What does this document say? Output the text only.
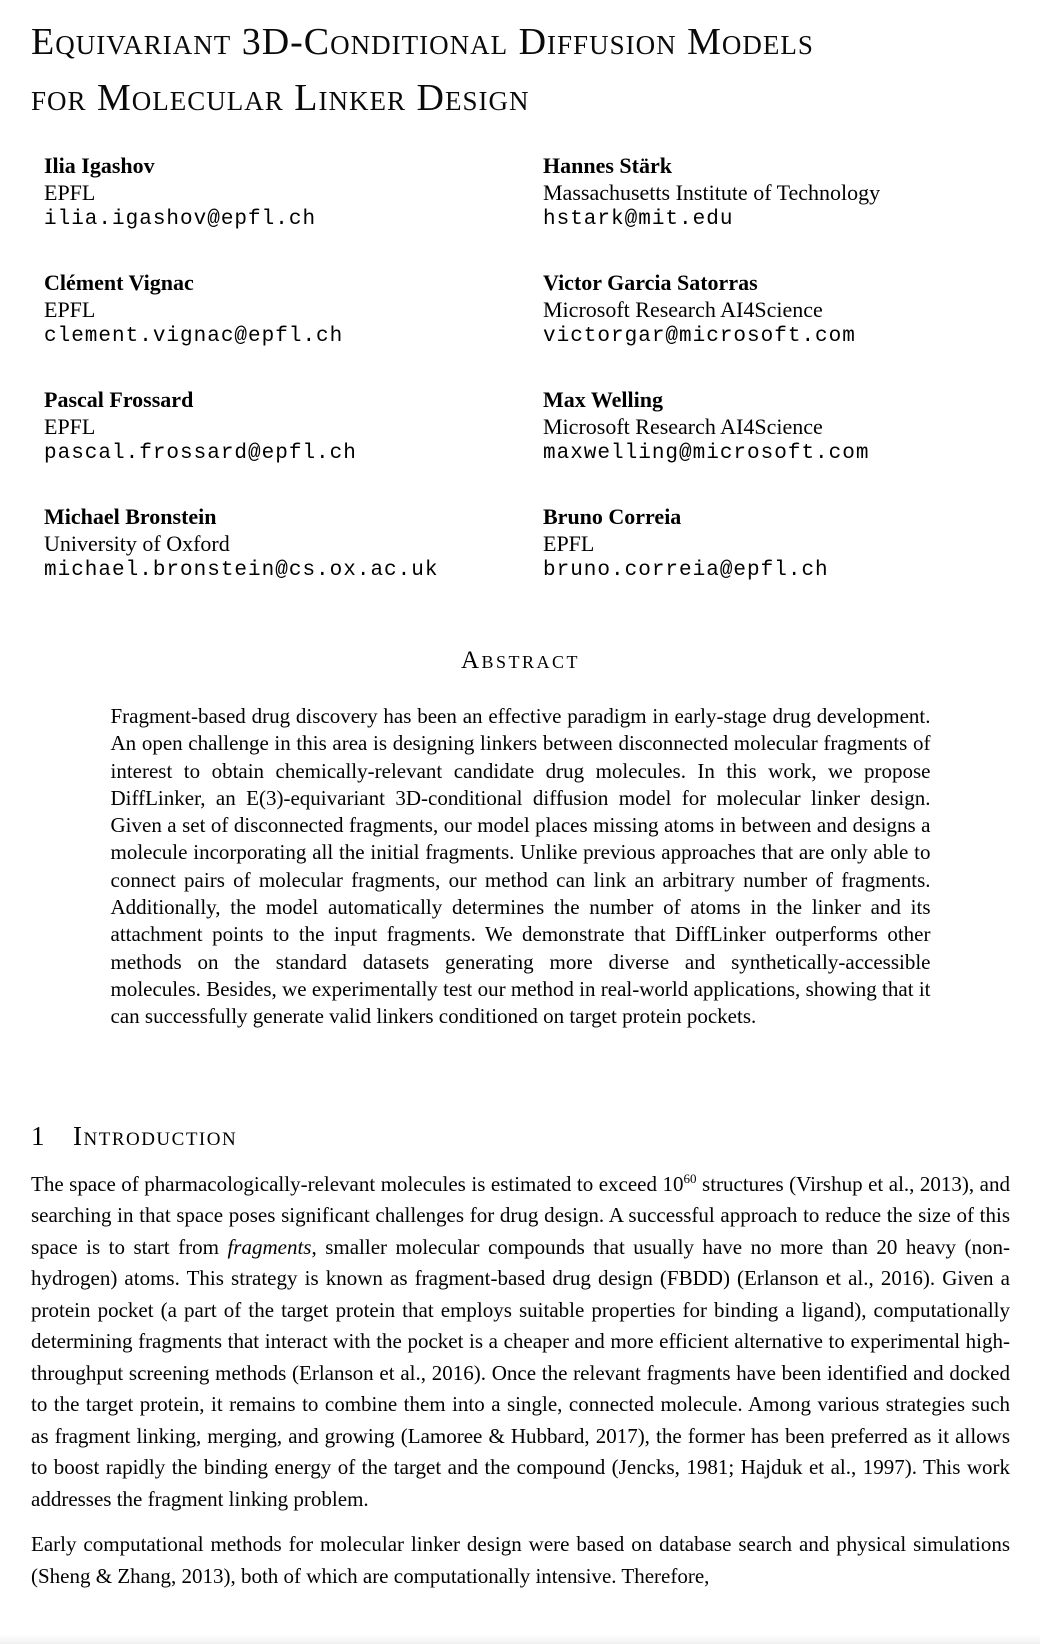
Equivariant 3D-Conditional Diffusion Models
for Molecular Linker Design
Ilia Igashov
EPFL
ilia.igashov@epfl.ch
Hannes Stärk
Massachusetts Institute of Technology
hstark@mit.edu
Clément Vignac
EPFL
clement.vignac@epfl.ch
Victor Garcia Satorras
Microsoft Research AI4Science
victorgar@microsoft.com
Pascal Frossard
EPFL
pascal.frossard@epfl.ch
Max Welling
Microsoft Research AI4Science
maxwelling@microsoft.com
Michael Bronstein
University of Oxford
michael.bronstein@cs.ox.ac.uk
Bruno Correia
EPFL
bruno.correia@epfl.ch
Abstract

Fragment-based drug discovery has been an effective paradigm in early-stage drug development. An open challenge in this area is designing linkers between disconnected molecular fragments of interest to obtain chemically-relevant candidate drug molecules. In this work, we propose DiffLinker, an E(3)-equivariant 3D-conditional diffusion model for molecular linker design. Given a set of disconnected fragments, our model places missing atoms in between and designs a molecule incorporating all the initial fragments. Unlike previous approaches that are only able to connect pairs of molecular fragments, our method can link an arbitrary number of fragments. Additionally, the model automatically determines the number of atoms in the linker and its attachment points to the input fragments. We demonstrate that DiffLinker outperforms other methods on the standard datasets generating more diverse and synthetically-accessible molecules. Besides, we experimentally test our method in real-world applications, showing that it can successfully generate valid linkers conditioned on target protein pockets.

1 Introduction

The space of pharmacologically-relevant molecules is estimated to exceed $10^{60}$ structures (Virshup et al., 2013), and searching in that space poses significant challenges for drug design. A successful approach to reduce the size of this space is to start from fragments, smaller molecular compounds that usually have no more than 20 heavy (non-hydrogen) atoms. This strategy is known as fragment-based drug design (FBDD) (Erlanson et al., 2016). Given a protein pocket (a part of the target protein that employs suitable properties for binding a ligand), computationally determining fragments that interact with the pocket is a cheaper and more efficient alternative to experimental high-throughput screening methods (Erlanson et al., 2016). Once the relevant fragments have been identified and docked to the target protein, it remains to combine them into a single, connected molecule. Among various strategies such as fragment linking, merging, and growing (Lamoree & Hubbard, 2017), the former has been preferred as it allows to boost rapidly the binding energy of the target and the compound (Jencks, 1981; Hajduk et al., 1997). This work addresses the fragment linking problem.

Early computational methods for molecular linker design were based on database search and physical simulations (Sheng & Zhang, 2013), both of which are computationally intensive. Therefore,
